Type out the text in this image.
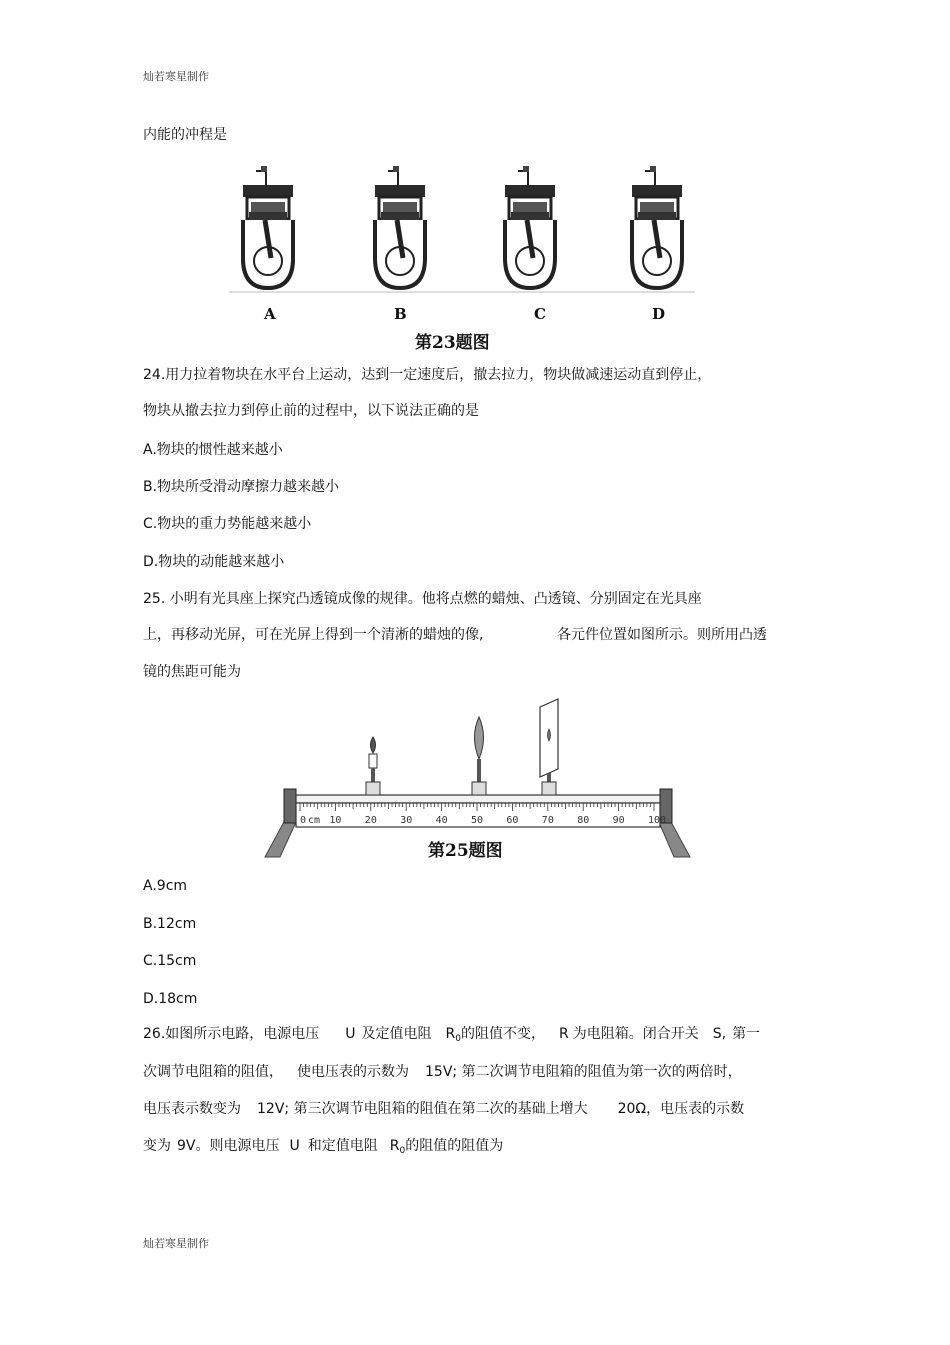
灿若寒星制作
内能的冲程是
A	B	C	D
第23题图
24.用力拉着物块在水平台上运动，达到一定速度后，撤去拉力，物块做减速运动直到停止，
物块从撤去拉力到停止前的过程中，以下说法正确的是
A.物块的惯性越来越小
B.物块所受滑动摩擦力越来越小
C.物块的重力势能越来越小
D.物块的动能越来越小
25. 小明有光具座上探究凸透镜成像的规律。他将点燃的蜡烛、凸透镜、分别固定在光具座
上，再移动光屏，可在光屏上得到一个清淅的蜡烛的像,	各元件位置如图所示。则所用凸透
镜的焦距可能为
0 10 20 30 40 50 60 70 80 90 100
cm
第25题图
A.9cm
B.12cm
C.15cm
D.18cm
26.如图所示电路，电源电压 U 及定值电阻 $R_0$的阻值不变， R 为电阻箱。闭合开关 S, 第一
次调节电阻箱的阻值， 使电压表的示数为 15V; 第二次调节电阻箱的阻值为第一次的两倍时，
电压表示数变为 12V; 第三次调节电阻箱的阻值在第二次的基础上增大 20Ω，电压表的示数
变为 9V。则电源电压 U 和定值电阻 $R_0$的阻值的阻值为
灿若寒星制作
